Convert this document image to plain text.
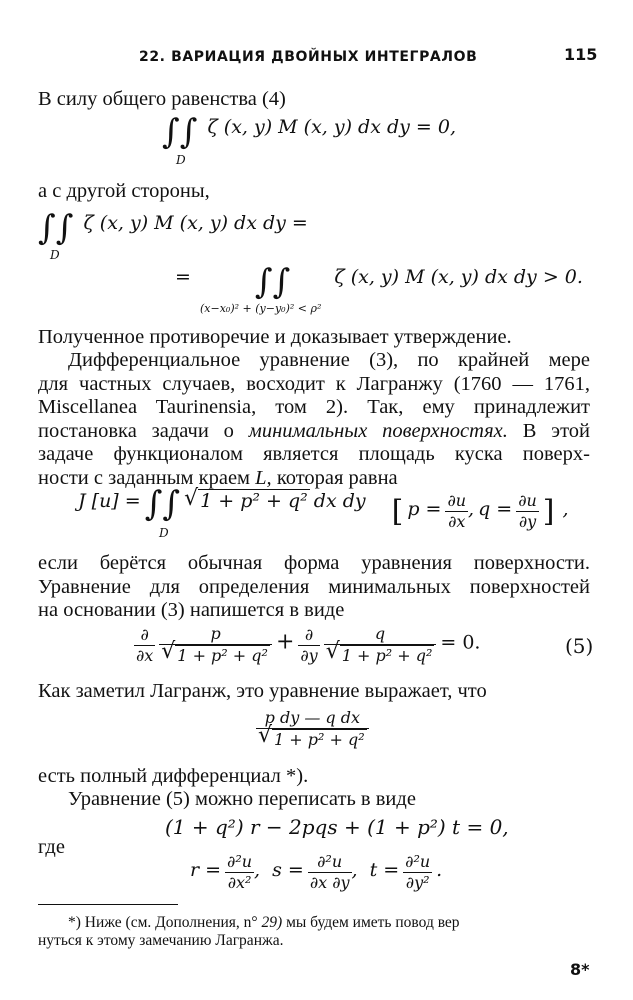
22. ВАРИАЦИЯ ДВОЙНЫХ ИНТЕГРАЛОВ	115
В силу общего равенства (4)
∫∫ ζ (x, y) M (x, y) dx dy = 0,
D
а с другой стороны,
∫∫ ζ (x, y) M (x, y) dx dy =
D
= ∫∫ ζ (x, y) M (x, y) dx dy > 0.
(x−x₀)² + (y−y₀)² < ρ²
Полученное противоречие и доказывает утверждение.
Дифференциальное уравнение (3), по крайней мере
для частных случаев, восходит к Лагранжу (1760 — 1761,
Miscellanea Taurinensia, том 2). Так, ему принадлежит
постановка задачи о минимальных поверхностях. В этой
задаче функционалом является площадь куска поверх-
ности с заданным краем L, которая равна
J [u] = ∫∫ √ 1 + p² + q² dx dy [ $p = \frac{\partial u}{\partial x}$ , $q = \frac{\partial u}{\partial y}$ ] ,
D
если берётся обычная форма уравнения поверхности.
Уравнение для определения минимальных поверхностей
на основании (3) напишется в виде
$\frac{\partial}{\partial x}$
p
√ $1 + p^2 + q^2 + \frac{\partial}{\partial y}$
q
√ 1 + p² + q² = 0.	(5)
Как заметил Лагранж, это уравнение выражает, что
p dy — q dx
√ 1 + p² + q²
есть полный дифференциал *).
Уравнение (5) можно переписать в виде
(1 + q²) r − 2pqs + (1 + p²) t = 0,
где
$r = \frac{\text{∂²u}}{\text{∂x²}}$ , $s = \frac{\text{∂²u}}{\partial x \partial y}$ , $t = \frac{\text{∂²u}}{\text{∂y²}}$ .
*) Ниже (см. Дополнения, n° 29) мы будем иметь повод вер
нуться к этому замечанию Лагранжа.
8*
